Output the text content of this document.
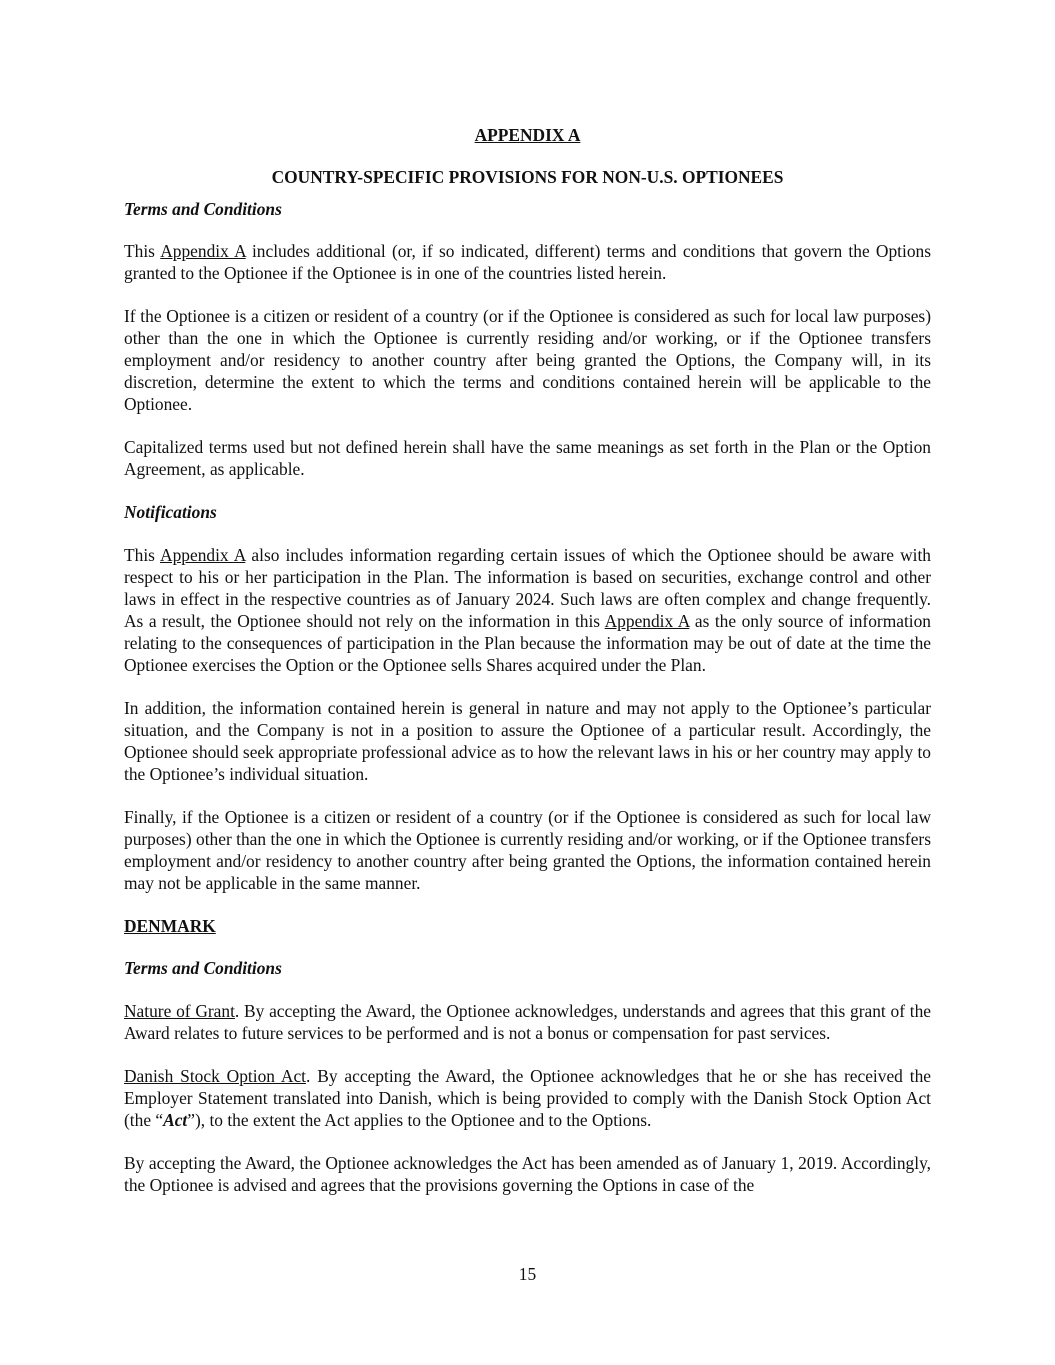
APPENDIX A
COUNTRY-SPECIFIC PROVISIONS FOR NON-U.S. OPTIONEES
Terms and Conditions

This Appendix A includes additional (or, if so indicated, different) terms and conditions that govern the Options granted to the Optionee if the Optionee is in one of the countries listed herein.

If the Optionee is a citizen or resident of a country (or if the Optionee is considered as such for local law purposes) other than the one in which the Optionee is currently residing and/or working, or if the Optionee transfers employment and/or residency to another country after being granted the Options, the Company will, in its discretion, determine the extent to which the terms and conditions contained herein will be applicable to the Optionee.

Capitalized terms used but not defined herein shall have the same meanings as set forth in the Plan or the Option Agreement, as applicable.

Notifications

This Appendix A also includes information regarding certain issues of which the Optionee should be aware with respect to his or her participation in the Plan. The information is based on securities, exchange control and other laws in effect in the respective countries as of January 2024. Such laws are often complex and change frequently. As a result, the Optionee should not rely on the information in this Appendix A as the only source of information relating to the consequences of participation in the Plan because the information may be out of date at the time the Optionee exercises the Option or the Optionee sells Shares acquired under the Plan.

In addition, the information contained herein is general in nature and may not apply to the Optionee’s particular situation, and the Company is not in a position to assure the Optionee of a particular result. Accordingly, the Optionee should seek appropriate professional advice as to how the relevant laws in his or her country may apply to the Optionee’s individual situation.

Finally, if the Optionee is a citizen or resident of a country (or if the Optionee is considered as such for local law purposes) other than the one in which the Optionee is currently residing and/or working, or if the Optionee transfers employment and/or residency to another country after being granted the Options, the information contained herein may not be applicable in the same manner.

DENMARK
Terms and Conditions

Nature of Grant. By accepting the Award, the Optionee acknowledges, understands and agrees that this grant of the Award relates to future services to be performed and is not a bonus or compensation for past services.

Danish Stock Option Act. By accepting the Award, the Optionee acknowledges that he or she has received the Employer Statement translated into Danish, which is being provided to comply with the Danish Stock Option Act (the “Act”), to the extent the Act applies to the Optionee and to the Options.

By accepting the Award, the Optionee acknowledges the Act has been amended as of January 1, 2019. Accordingly, the Optionee is advised and agrees that the provisions governing the Options in case of the

15
